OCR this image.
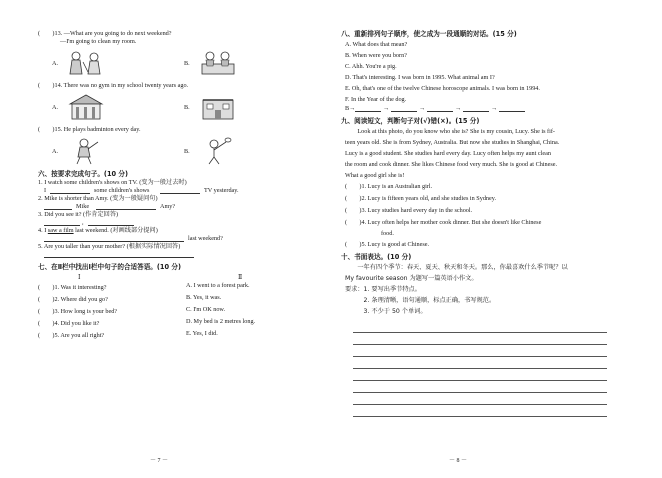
(　　)13. —What are you going to do next weekend?
—I'm going to clean my room.
A.	B.
(　　)14. There was no gym in my school twenty years ago.
A.	B.
(　　)15. He plays badminton every day.
A.	B.
六、按要求完成句子。(10 分)
1. I watch some children's shows on TV. (变为一般过去时)
I	some children's shows	TV yesterday.
2. Mike is shorter than Amy. (变为一般疑问句)
Mike	Amy?
3. Did you see it? (作肯定回答)
,
4. I saw a film last weekend. (对画线部分提问)
last weekend?
5. Are you taller than your mother? (根据实际情况回答)
七、在Ⅱ栏中找出Ⅰ栏中句子的合适答语。(10 分)
Ⅰ	Ⅱ
(　　)1. Was it interesting?	A. I went to a forest park.
(　　)2. Where did you go?	B. Yes, it was.
(　　)3. How long is your bed?	C. I'm OK now.
(　　)4. Did you like it?	D. My bed is 2 metres long.
(　　)5. Are you all right?	E. Yes, I did.
－ 7 －
八、重新排列句子顺序，使之成为一段通顺的对话。(15 分)
A. What does that mean?
B. When were you born?
C. Ahh. You're a pig.
D. That's interesting. I was born in 1995. What animal am I?
E. Oh, that's one of the twelve Chinese horoscope animals. I was born in 1994.
F. In the Year of the dog.
B→	→	→	→	→
九、阅读短文，判断句子对(√)错(×)。(15 分)
　　Look at this photo, do you know who she is? She is my cousin, Lucy. She is fif-
teen years old. She is from Sydney, Australia. But now she studies in Shanghai, China.
Lucy is a good student. She studies hard every day. Lucy often helps my aunt clean
the room and cook dinner. She likes Chinese food very much. She is good at Chinese.
What a good girl she is!
(　　)1. Lucy is an Australian girl.
(　　)2. Lucy is fifteen years old, and she studies in Sydney.
(　　)3. Lucy studies hard every day in the school.
(　　)4. Lucy often helps her mother cook dinner. But she doesn't like Chinese
food.
(　　)5. Lucy is good at Chinese.
十、书面表达。(10 分)
　　一年有四个季节：春天、夏天、秋天和冬天。那么，你最喜欢什么季节呢？以
My favourite season 为题写一篇英语小作文。
要求：1. 要写出季节特点。
　　　2. 条理清晰，语句通顺，标点正确，书写规范。
　　　3. 不少于 50 个单词。
－ 8 －
